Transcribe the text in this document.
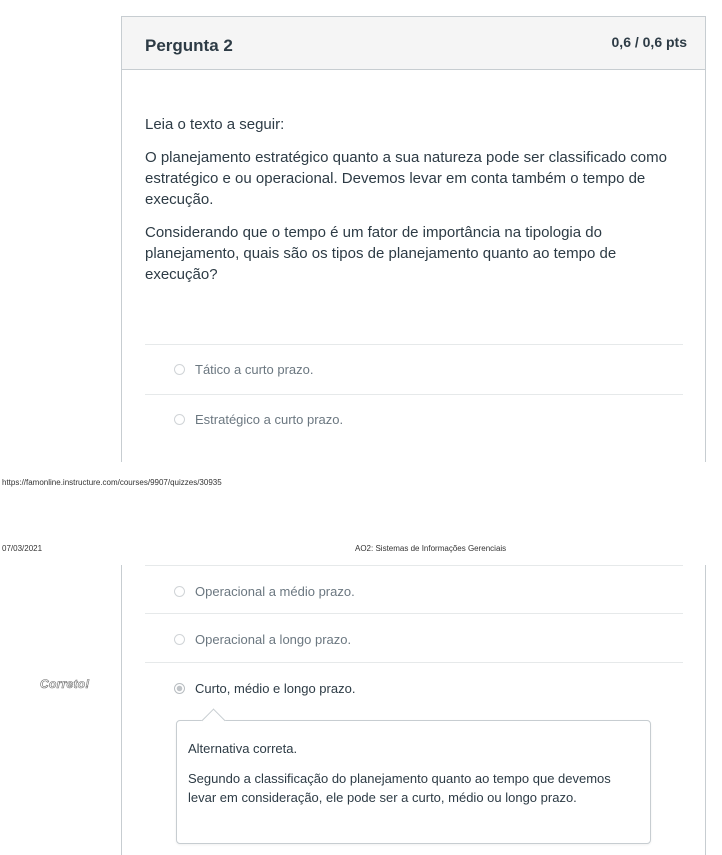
Pergunta 2	0,6 / 0,6 pts

Leia o texto a seguir:

O planejamento estratégico quanto a sua natureza pode ser classificado como estratégico e ou operacional. Devemos levar em conta também o tempo de execução.

Considerando que o tempo é um fator de importância na tipologia do planejamento, quais são os tipos de planejamento quanto ao tempo de execução?

Tático a curto prazo.
Estratégico a curto prazo.
https://famonline.instructure.com/courses/9907/quizzes/30935
07/03/2021	AO2: Sistemas de Informações Gerenciais
Operacional a médio prazo.
Operacional a longo prazo.
Curto, médio e longo prazo.
Correto!
Alternativa correta.
Segundo a classificação do planejamento quanto ao tempo que devemos levar em consideração, ele pode ser a curto, médio ou longo prazo.
